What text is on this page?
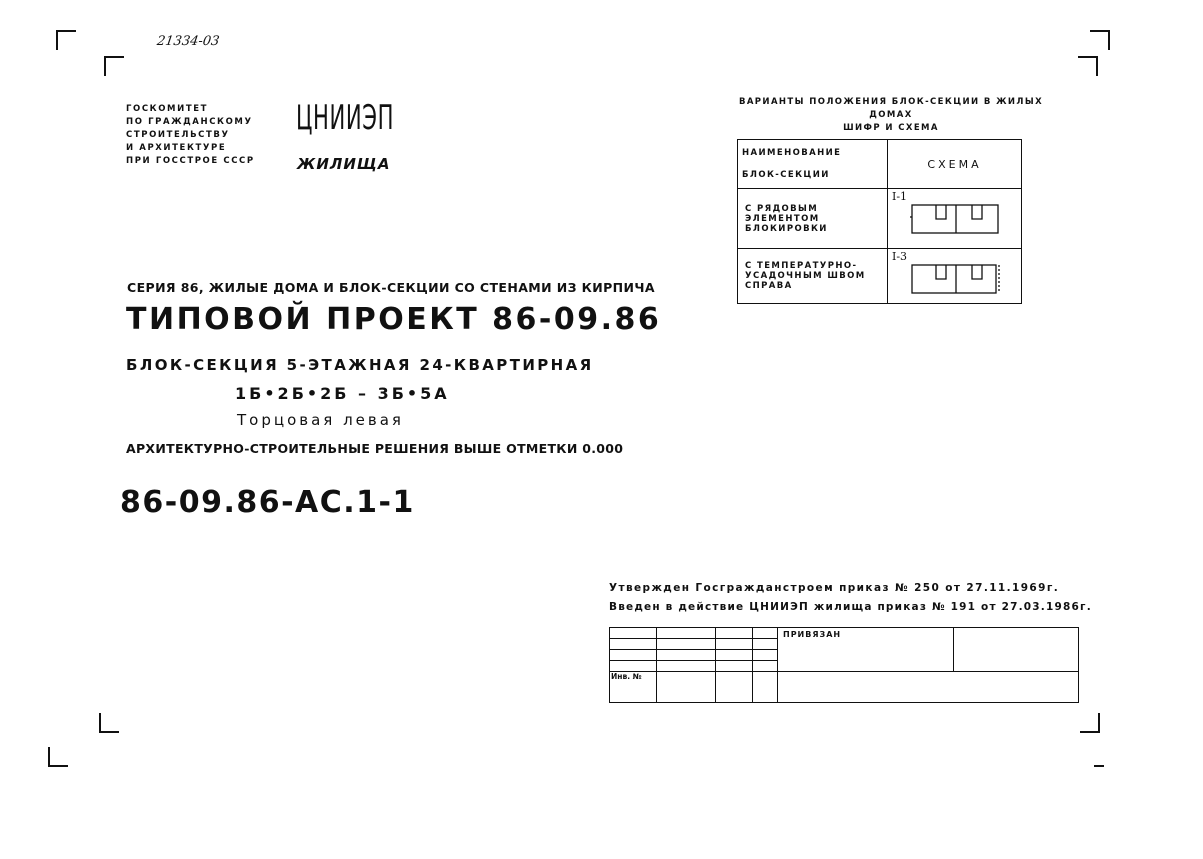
21334-03
ГОСКОМИТЕТ
ПО ГРАЖДАНСКОМУ
СТРОИТЕЛЬСТВУ
И АРХИТЕКТУРЕ
ПРИ ГОССТРОЕ СССР
ЦНИИЭП
ЖИЛИЩА
СЕРИЯ 86, ЖИЛЫЕ ДОМА И БЛОК-СЕКЦИИ СО СТЕНАМИ ИЗ КИРПИЧА
ТИПОВОЙ ПРОЕКТ 86-09.86
БЛОК-СЕКЦИЯ 5-ЭТАЖНАЯ 24-КВАРТИРНАЯ
1Б•2Б•2Б – 3Б•5А
Торцовая левая
АРХИТЕКТУРНО-СТРОИТЕЛЬНЫЕ РЕШЕНИЯ ВЫШЕ ОТМЕТКИ 0.000
86-09.86-АС.1-1
ВАРИАНТЫ ПОЛОЖЕНИЯ БЛОК-СЕКЦИИ В ЖИЛЫХ ДОМАХ
ШИФР И СХЕМА
НАИМЕНОВАНИЕ
БЛОК-СЕКЦИИ	СХЕМА

С РЯДОВЫМ
ЭЛЕМЕНТОМ
БЛОКИРОВКИ	I-1

С ТЕМПЕРАТУРНО-
УСАДОЧНЫМ ШВОМ
СПРАВА	I-3
Утвержден Госгражданстроем приказ № 250 от 27.11.1969г.
Введен в действие ЦНИИЭП жилища приказ № 191 от 27.03.1986г.
				ПРИВЯЗАН	

Инв. №					
